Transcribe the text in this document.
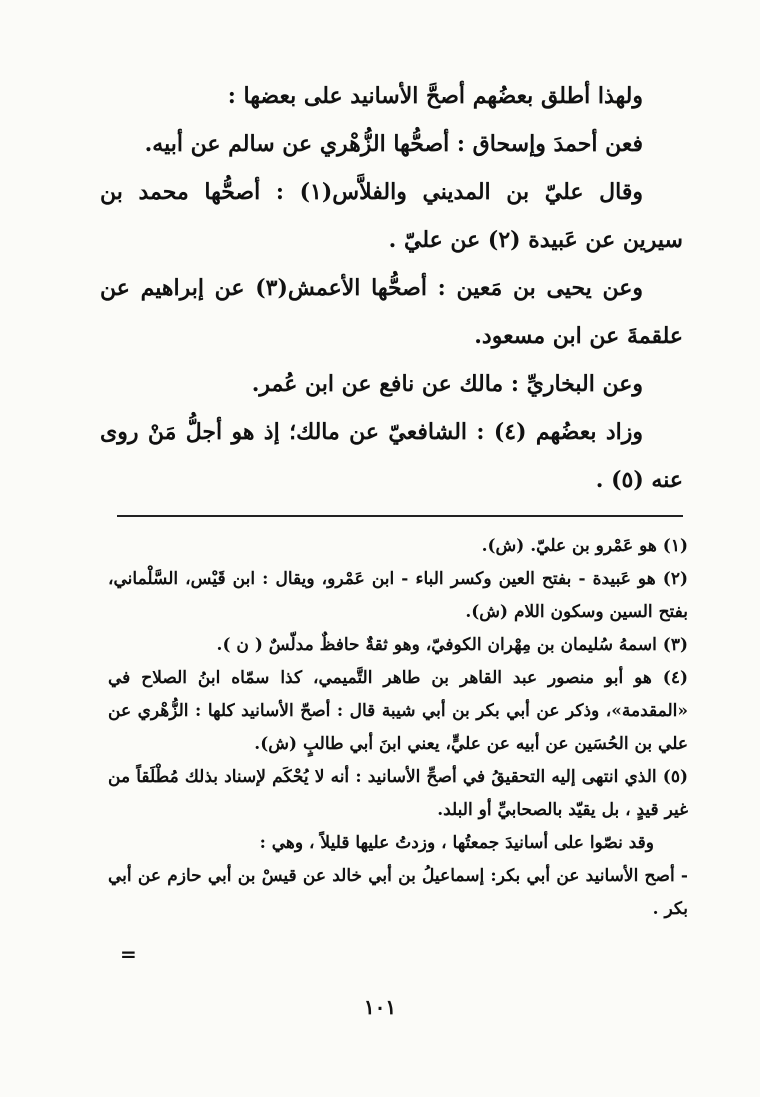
ولهذا أطلق بعضُهم أصحَّ الأسانيد على بعضها :

فعن أحمدَ وإسحاق : أصحُّها الزُّهْري عن سالم عن أبيه.

وقال عليّ بن المديني والفلاَّس(١) : أصحُّها محمد بن سيرين عن عَبيدة (٢) عن عليّ .

وعن يحيى بن مَعين : أصحُّها الأعمش(٣) عن إبراهيم عن علقمةَ عن ابن مسعود.

وعن البخاريِّ : مالك عن نافع عن ابن عُمر.

وزاد بعضُهم (٤) : الشافعيّ عن مالك؛ إذ هو أجلُّ مَنْ روى عنه (٥) .

(١) هو عَمْرو بن عليّ. (ش).

(٢) هو عَبيدة - بفتح العين وكسر الباء - ابن عَمْرو، ويقال : ابن قَيْس، السَّلْماني، بفتح السين وسكون اللام (ش).

(٣) اسمهُ سُليمان بن مِهْران الكوفيّ، وهو ثقةٌ حافظٌ مدلّسٌ ( ن ).

(٤) هو أبو منصور عبد القاهر بن طاهر التَّميمي، كذا سمّاه ابنُ الصلاح في «المقدمة»، وذكر عن أبي بكر بن أبي شيبة قال : أصحّ الأسانيد كلها : الزُّهْري عن علي بن الحُسَين عن أبيه عن عليٍّ، يعني ابنَ أبي طالبٍ (ش).

(٥) الذي انتهى إليه التحقيقُ في أصحِّ الأسانيد : أنه لا يُحْكَم لإسناد بذلك مُطْلَقاً من غير قيدٍ ، بل يقيّد بالصحابيِّ أو البلد.

وقد نصّوا على أسانيدَ جمعتُها ، وزدتُ عليها قليلاً ، وهي :

- أصح الأسانيد عن أبي بكر: إسماعيلُ بن أبي خالد عن قيسْ بن أبي حازم عن أبي بكر .

=
١٠١
